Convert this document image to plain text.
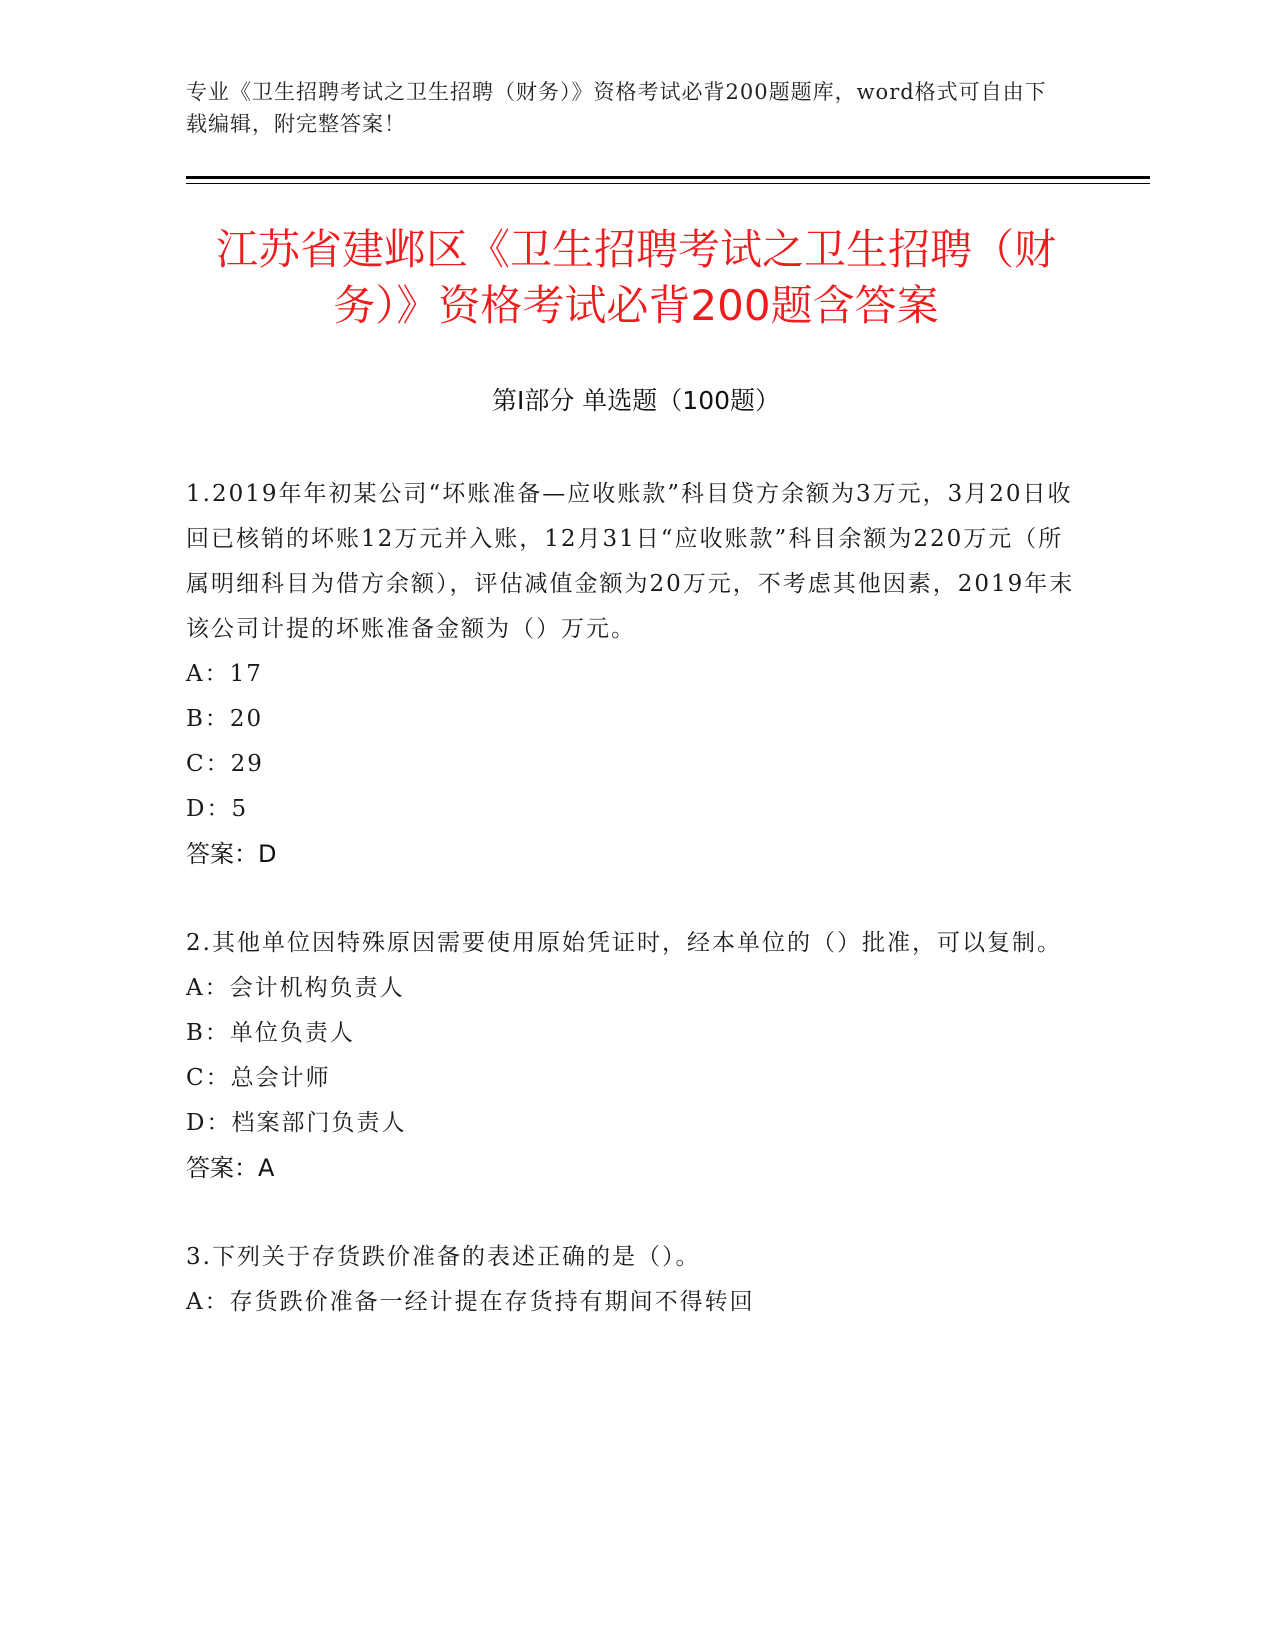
专业《卫生招聘考试之卫生招聘（财务）》资格考试必背200题题库，word格式可自由下载编辑，附完整答案！
江苏省建邺区《卫生招聘考试之卫生招聘（财务）》资格考试必背200题含答案
第I部分 单选题（100题）
1.2019年年初某公司“坏账准备—应收账款”科目贷方余额为3万元，3月20日收回已核销的坏账12万元并入账，12月31日“应收账款”科目余额为220万元（所属明细科目为借方余额），评估减值金额为20万元，不考虑其他因素，2019年末该公司计提的坏账准备金额为（）万元。
A：17
B：20
C：29
D：5
答案：D
2.其他单位因特殊原因需要使用原始凭证时，经本单位的（）批准，可以复制。
A：会计机构负责人
B：单位负责人
C：总会计师
D：档案部门负责人
答案：A
3.下列关于存货跌价准备的表述正确的是（）。
A：存货跌价准备一经计提在存货持有期间不得转回
